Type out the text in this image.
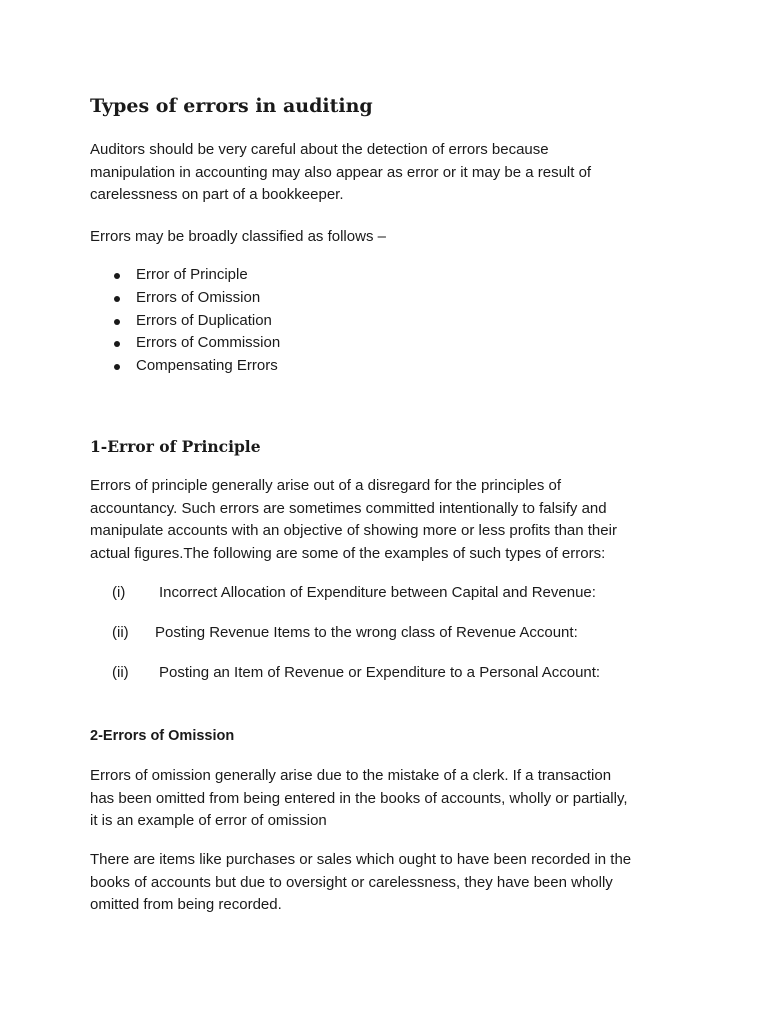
Types of errors in auditing

Auditors should be very careful about the detection of errors because
manipulation in accounting may also appear as error or it may be a result of
carelessness on part of a bookkeeper.

Errors may be broadly classified as follows –

Error of Principle
Errors of Omission
Errors of Duplication
Errors of Commission
Compensating Errors
1-Error of Principle

Errors of principle generally arise out of a disregard for the principles of
accountancy. Such errors are sometimes committed intentionally to falsify and
manipulate accounts with an objective of showing more or less profits than their
actual figures.The following are some of the examples of such types of errors:

(i) Incorrect Allocation of Expenditure between Capital and Revenue:
(ii) Posting Revenue Items to the wrong class of Revenue Account:
(ii) Posting an Item of Revenue or Expenditure to a Personal Account:
2-Errors of Omission

Errors of omission generally arise due to the mistake of a clerk. If a transaction
has been omitted from being entered in the books of accounts, wholly or partially,
it is an example of error of omission

There are items like purchases or sales which ought to have been recorded in the
books of accounts but due to oversight or carelessness, they have been wholly
omitted from being recorded.
